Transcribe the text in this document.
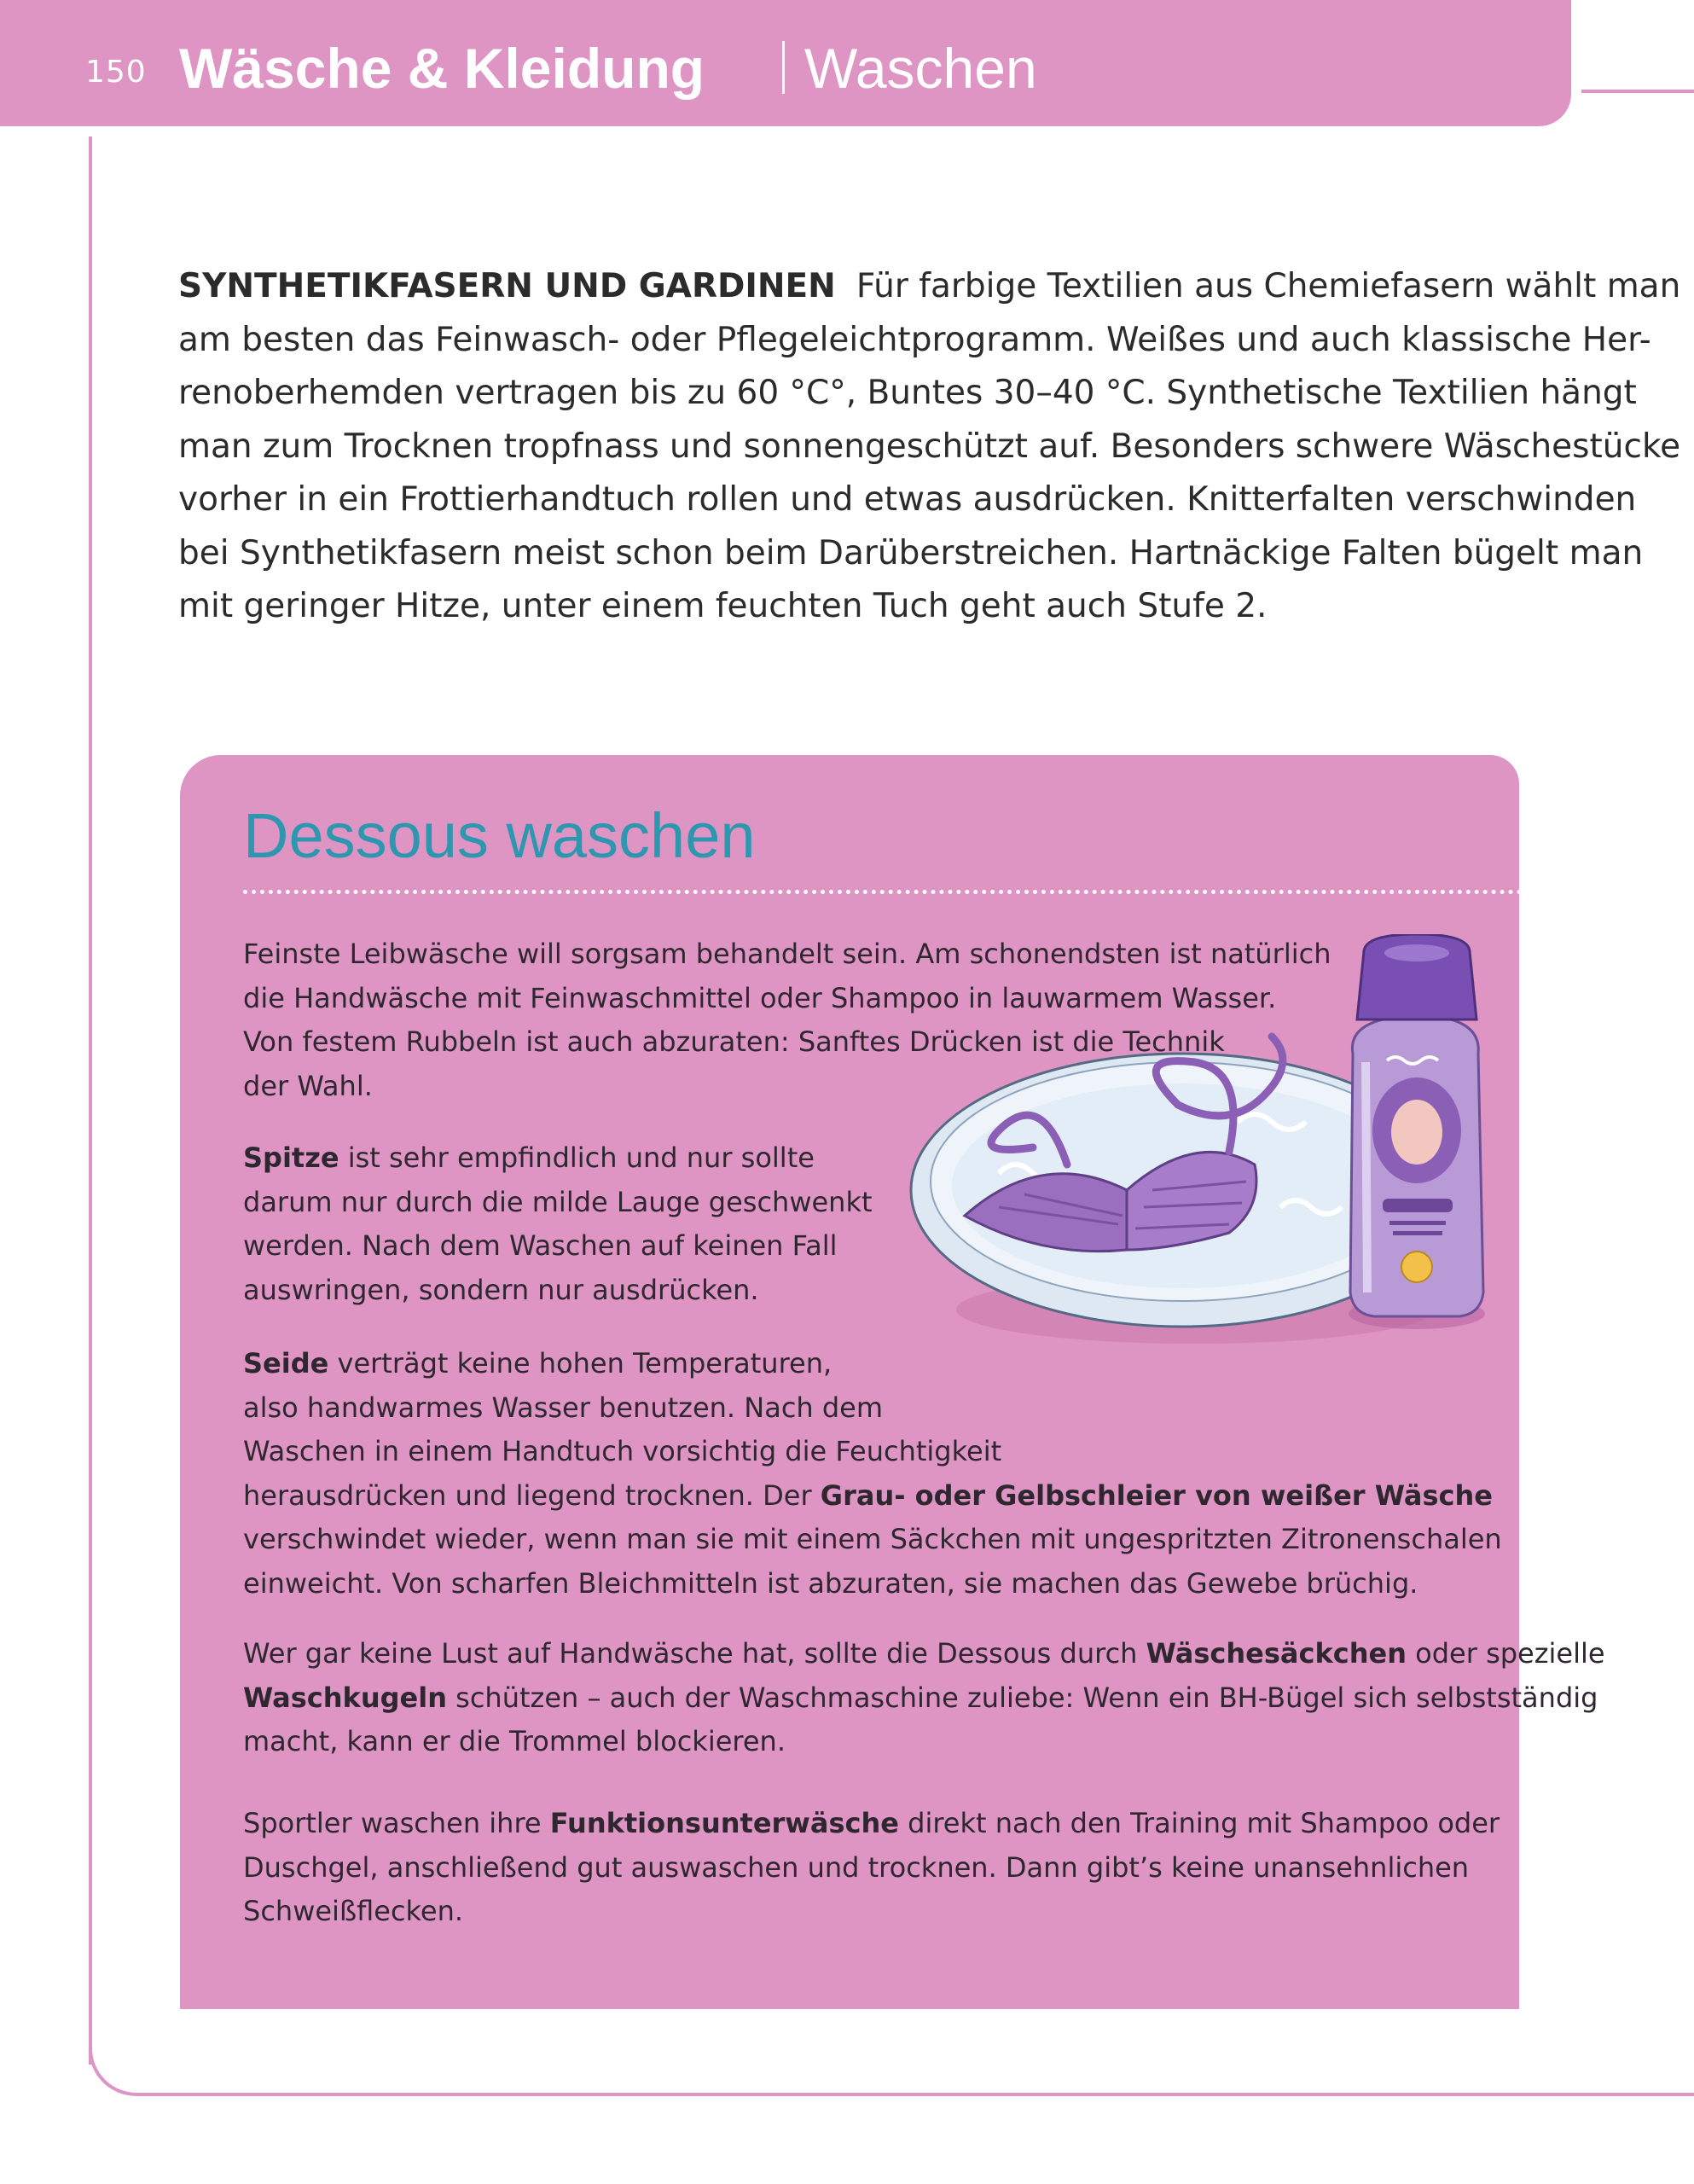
150 Wäsche & Kleidung Waschen
SYNTHETIKFASERN UND GARDINEN Für farbige Textilien aus Chemiefasern wählt man
am besten das Feinwasch- oder Pflegeleichtprogramm. Weißes und auch klassische Her-
renoberhemden vertragen bis zu 60 °C°, Buntes 30–40 °C. Synthetische Textilien hängt
man zum Trocknen tropfnass und sonnengeschützt auf. Besonders schwere Wäschestücke
vorher in ein Frottierhandtuch rollen und etwas ausdrücken. Knitterfalten verschwinden
bei Synthetikfasern meist schon beim Darüberstreichen. Hartnäckige Falten bügelt man
mit geringer Hitze, unter einem feuchten Tuch geht auch Stufe 2.
Dessous waschen
Feinste Leibwäsche will sorgsam behandelt sein. Am schonendsten ist natürlich
die Handwäsche mit Feinwaschmittel oder Shampoo in lauwarmem Wasser.
Von festem Rubbeln ist auch abzuraten: Sanftes Drücken ist die Technik
der Wahl.
Spitze ist sehr empfindlich und nur sollte
darum nur durch die milde Lauge geschwenkt
werden. Nach dem Waschen auf keinen Fall
auswringen, sondern nur ausdrücken.
Seide verträgt keine hohen Temperaturen,
also handwarmes Wasser benutzen. Nach dem
Waschen in einem Handtuch vorsichtig die Feuchtigkeit
herausdrücken und liegend trocknen. Der Grau- oder Gelbschleier von weißer Wäsche
verschwindet wieder, wenn man sie mit einem Säckchen mit ungespritzten Zitronenschalen
einweicht. Von scharfen Bleichmitteln ist abzuraten, sie machen das Gewebe brüchig.
Wer gar keine Lust auf Handwäsche hat, sollte die Dessous durch Wäschesäckchen oder spezielle
Waschkugeln schützen – auch der Waschmaschine zuliebe: Wenn ein BH-Bügel sich selbstständig
macht, kann er die Trommel blockieren.
Sportler waschen ihre Funktionsunterwäsche direkt nach den Training mit Shampoo oder
Duschgel, anschließend gut auswaschen und trocknen. Dann gibt’s keine unansehnlichen
Schweißflecken.
